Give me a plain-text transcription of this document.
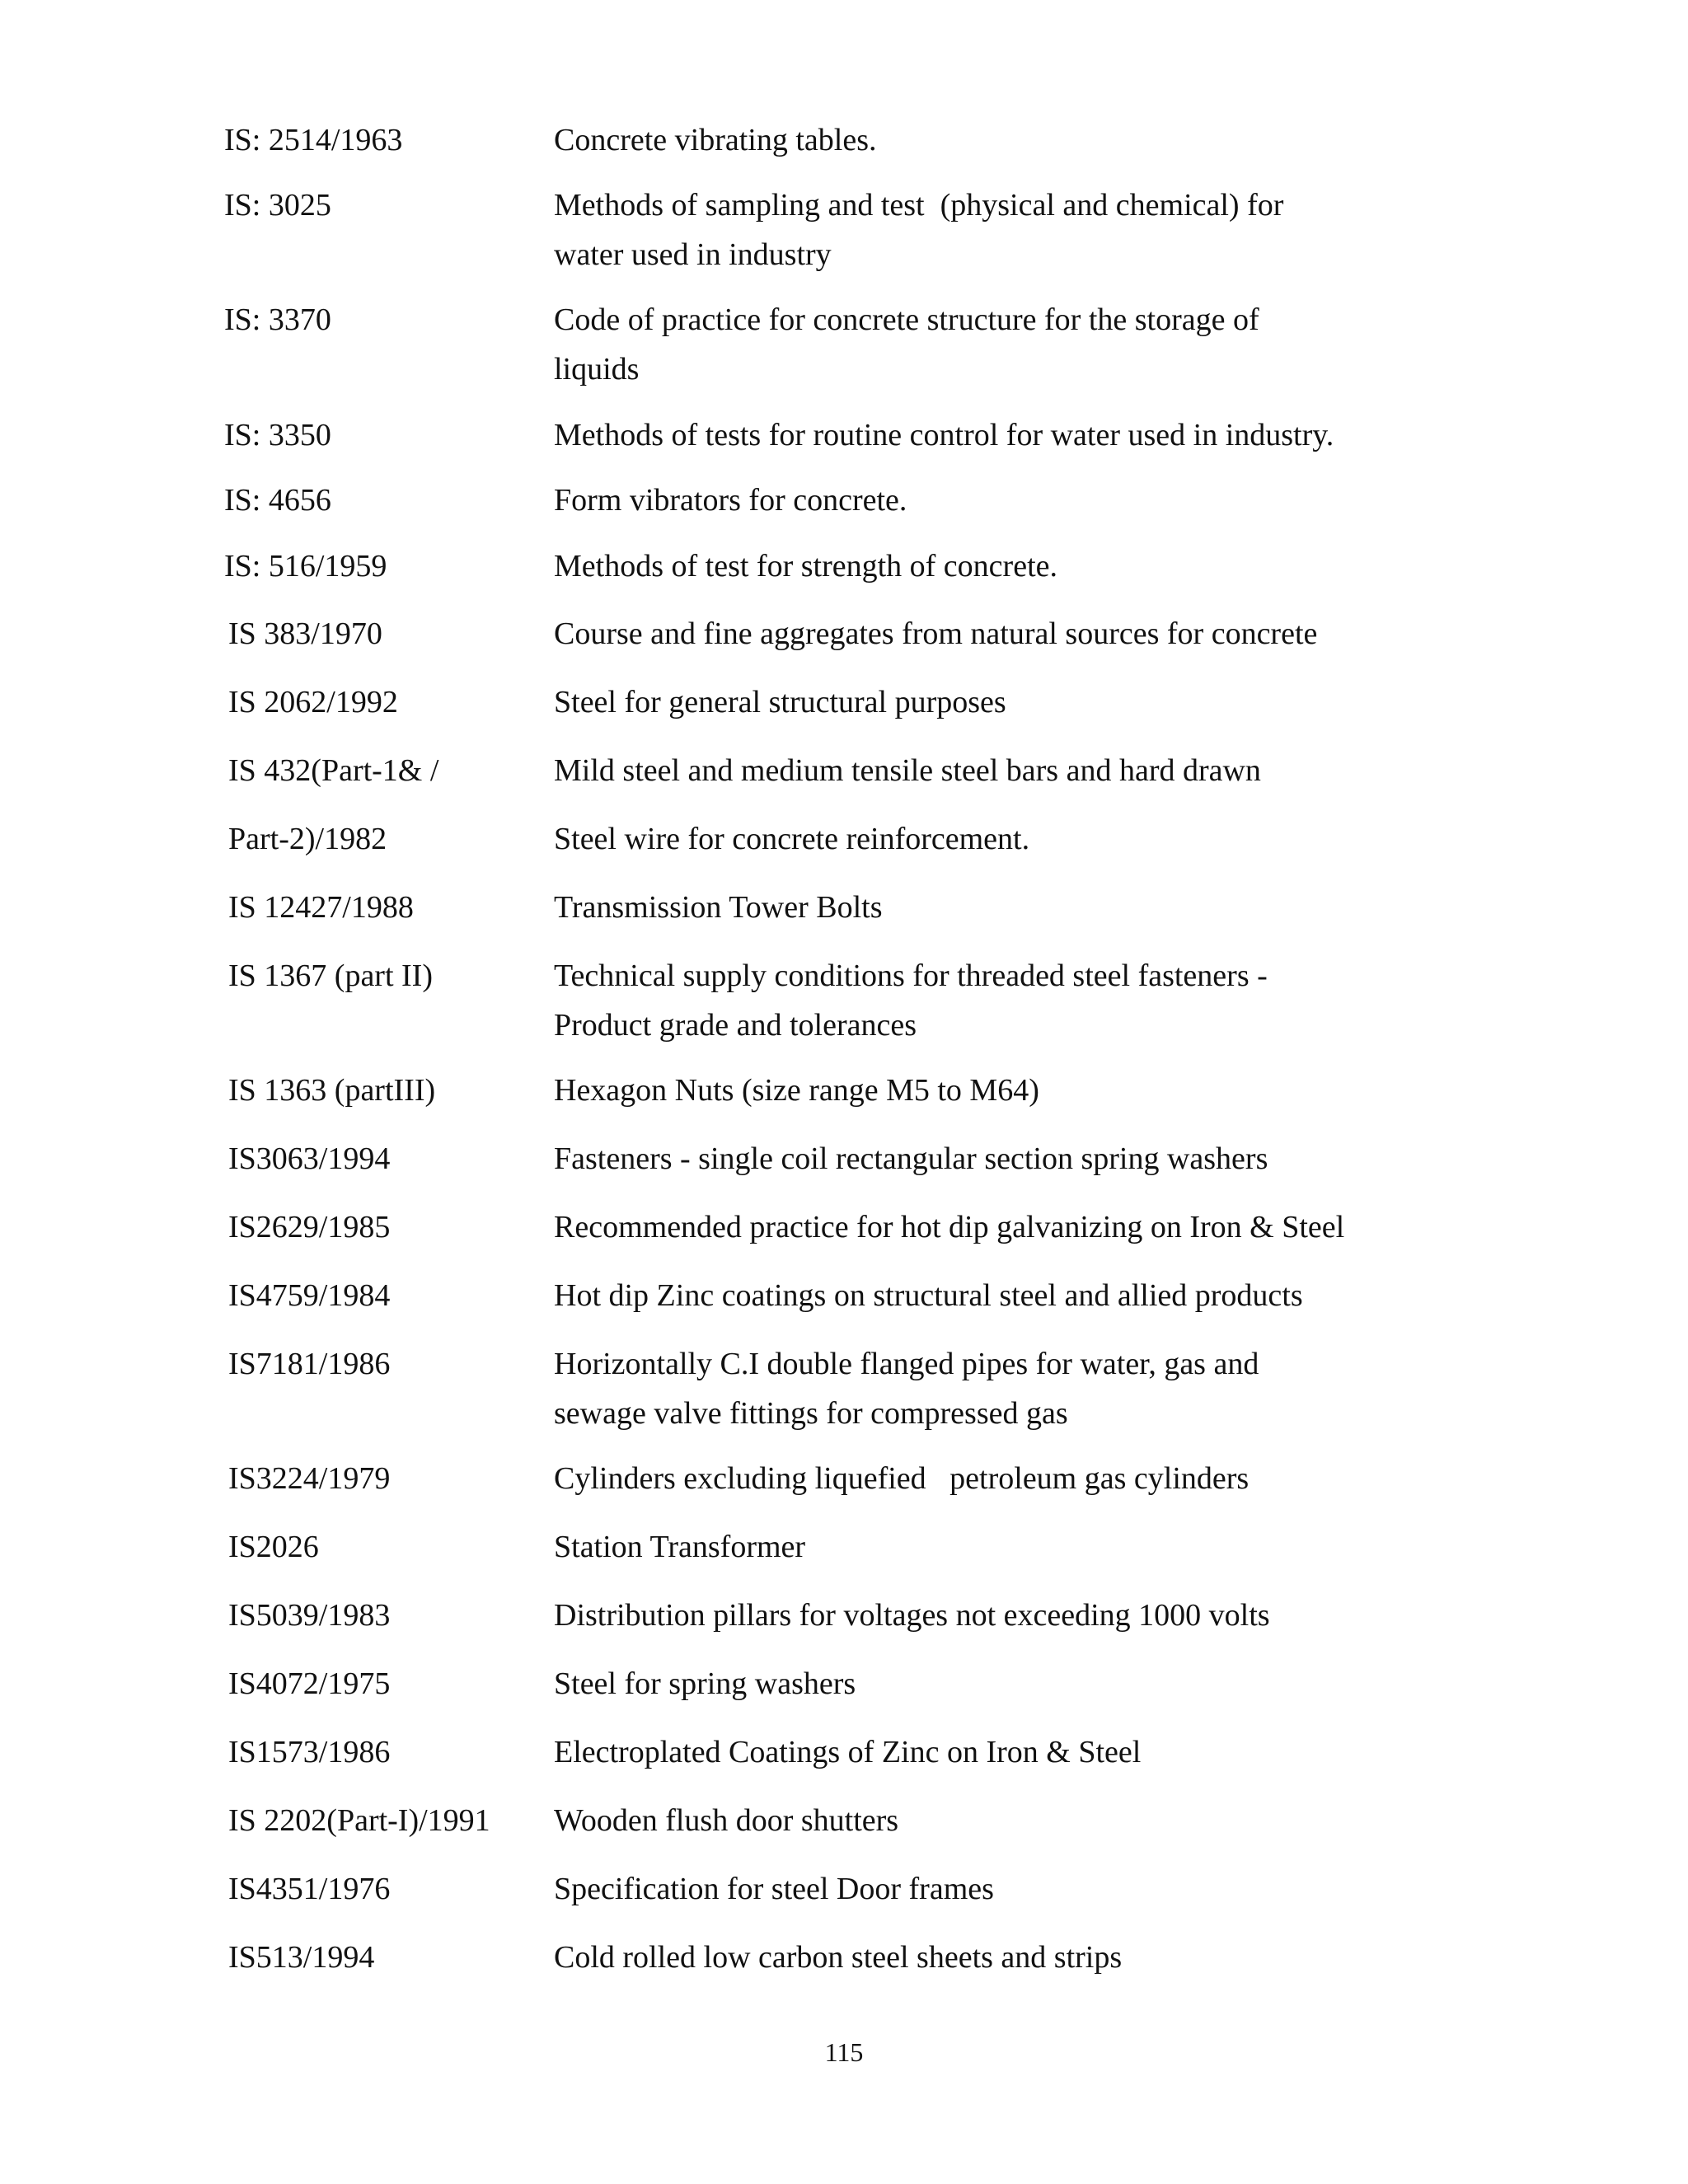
IS: 2514/1963	Concrete vibrating tables.
IS: 3025	Methods of sampling and test  (physical and chemical) for
water used in industry
IS: 3370	Code of practice for concrete structure for the storage of
liquids
IS: 3350	Methods of tests for routine control for water used in industry.
IS: 4656	Form vibrators for concrete.
IS: 516/1959	Methods of test for strength of concrete.
IS 383/1970	Course and fine aggregates from natural sources for concrete
IS 2062/1992	Steel for general structural purposes
IS 432(Part-1& /	Mild steel and medium tensile steel bars and hard drawn
Part-2)/1982	Steel wire for concrete reinforcement.
IS 12427/1988	Transmission Tower Bolts
IS 1367 (part II)	Technical supply conditions for threaded steel fasteners -
Product grade and tolerances
IS 1363 (partIII)	Hexagon Nuts (size range M5 to M64)
IS3063/1994	Fasteners - single coil rectangular section spring washers
IS2629/1985	Recommended practice for hot dip galvanizing on Iron & Steel
IS4759/1984	Hot dip Zinc coatings on structural steel and allied products
IS7181/1986	Horizontally C.I double flanged pipes for water, gas and
sewage valve fittings for compressed gas
IS3224/1979	Cylinders excluding liquefied   petroleum gas cylinders
IS2026	Station Transformer
IS5039/1983	Distribution pillars for voltages not exceeding 1000 volts
IS4072/1975	Steel for spring washers
IS1573/1986	Electroplated Coatings of Zinc on Iron & Steel
IS 2202(Part-I)/1991 Wooden flush door shutters
IS4351/1976	Specification for steel Door frames
IS513/1994	Cold rolled low carbon steel sheets and strips
115
